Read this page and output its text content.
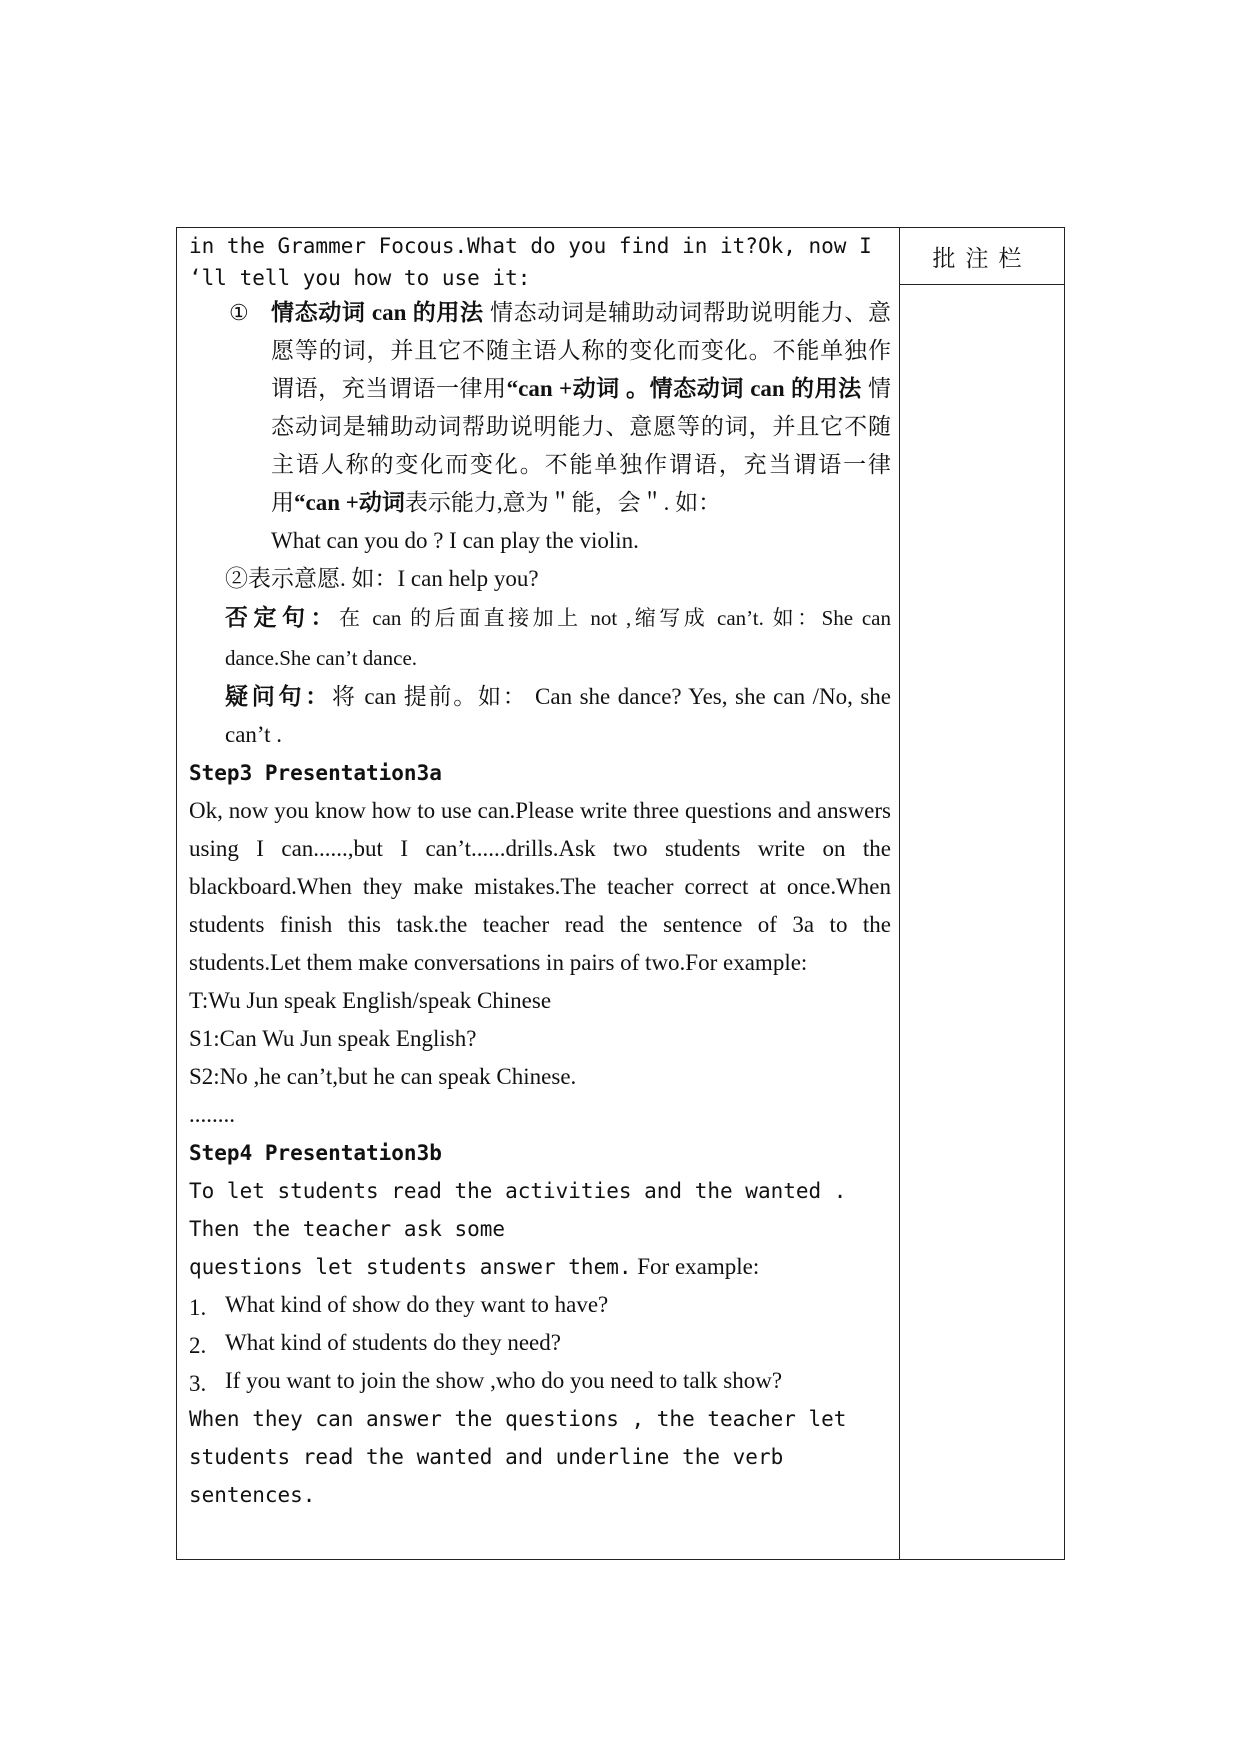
in the Grammer Focous.What do you find in it?Ok, now I ‘ll tell you how to use it:

① 情态动词 can 的用法 情态动词是辅助动词帮助说明能力、意愿等的词，并且它不随主语人称的变化而变化。不能单独作谓语，充当谓语一律用“can +动词 。情态动词 can 的用法 情态动词是辅助动词帮助说明能力、意愿等的词，并且它不随主语人称的变化而变化。不能单独作谓语，充当谓语一律用“can +动词表示能力,意为＂能，会＂. 如：
What can you do ? I can play the violin.

②表示意愿. 如：I can help you?

否定句：在 can 的后面直接加上 not ,缩写成 can’t. 如：She can dance.She can’t dance.

疑问句：将 can 提前。如： Can she dance? Yes, she can /No, she can’t .

Step3 Presentation3a

Ok, now you know how to use can.Please write three questions and answers using I can......,but I can’t......drills.Ask two students write on the blackboard.When they make mistakes.The teacher correct at once.When students finish this task.the teacher read the sentence of 3a to the students.Let them make conversations in pairs of two.For example:

T:Wu Jun speak English/speak Chinese

S1:Can Wu Jun speak English?

S2:No ,he can’t,but he can speak Chinese.

........

Step4 Presentation3b

To let students read the activities and the wanted . Then the teacher ask some

questions let students answer them. For example:

1. What kind of show do they want to have?
2. What kind of students do they need?
3. If you want to join the show ,who do you need to talk show?

When they can answer the questions , the teacher let students read the wanted and underline the verb sentences.

批注栏
